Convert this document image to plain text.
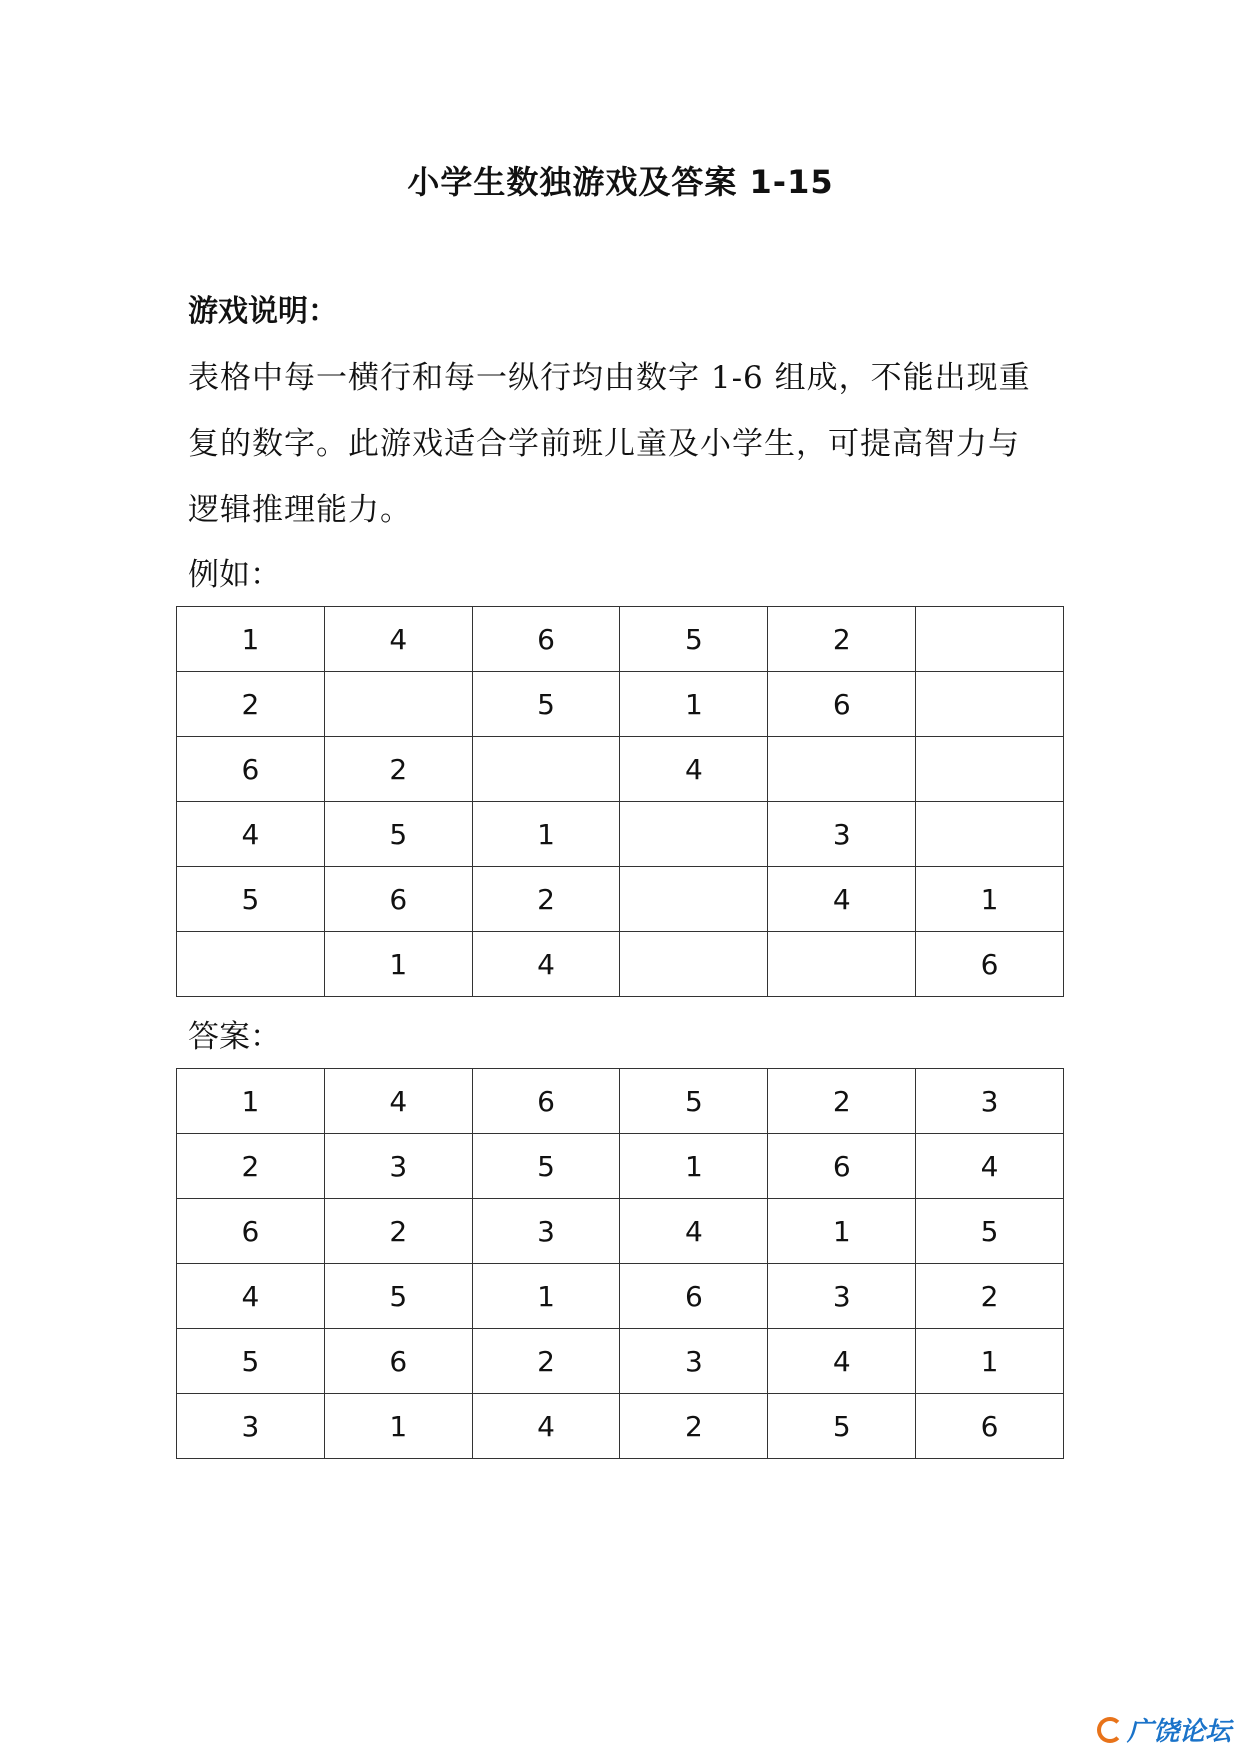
小学生数独游戏及答案 1-15
游戏说明：
表格中每一横行和每一纵行均由数字 1-6 组成，不能出现重
复的数字。此游戏适合学前班儿童及小学生，可提高智力与
逻辑推理能力。
例如：
1	4	6	5	2	
2		5	1	6	
6	2		4		
4	5	1		3	
5	6	2		4	1
	1	4			6
答案：
1	4	6	5	2	3
2	3	5	1	6	4
6	2	3	4	1	5
4	5	1	6	3	2
5	6	2	3	4	1
3	1	4	2	5	6
广饶论坛
